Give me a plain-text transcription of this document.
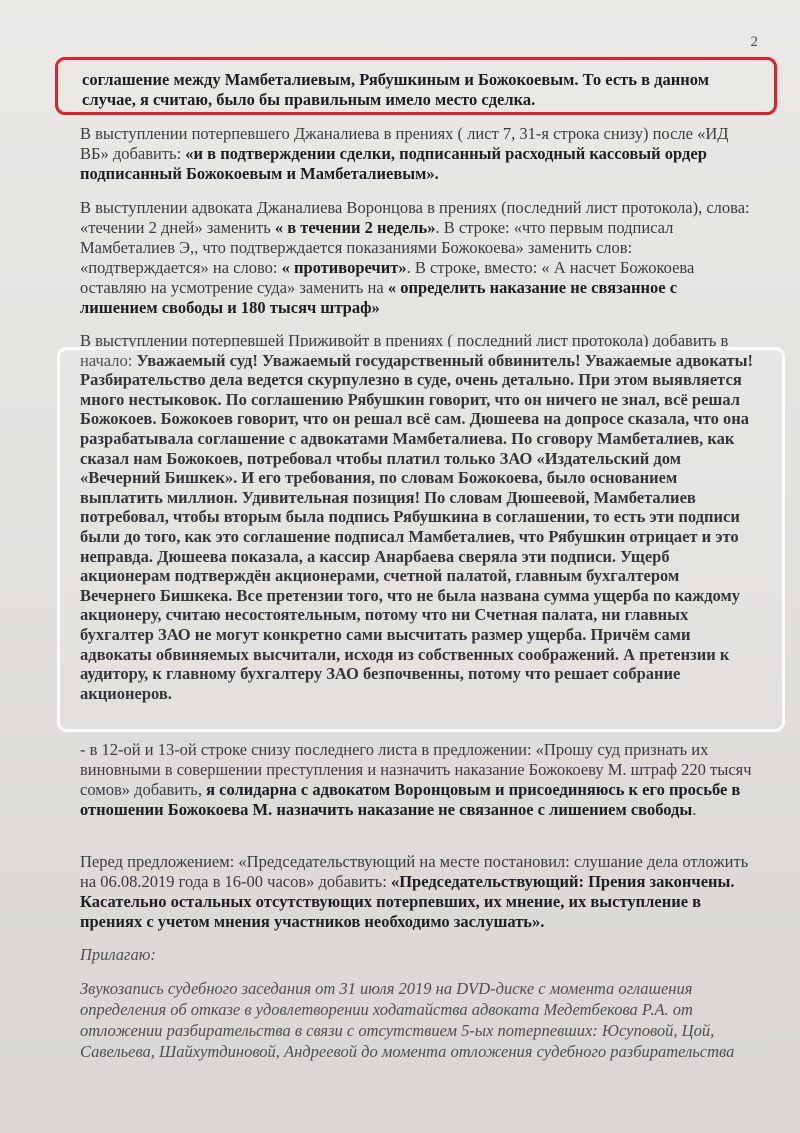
2
соглашение между Мамбеталиевым, Рябушкиным и Божокоевым. То есть в данном случае, я считаю, было бы правильным имело место сделка.
В выступлении потерпевшего Джаналиева в прениях ( лист 7, 31-я строка снизу) после «ИД ВБ» добавить: «и в подтверждении сделки, подписанный расходный кассовый ордер подписанный Божокоевым и Мамбеталиевым».
В выступлении адвоката Джаналиева Воронцова в прениях (последний лист протокола), слова: «течении 2 дней» заменить « в течении 2 недель». В строке: «что первым подписал Мамбеталиев Э,, что подтверждается показаниями Божокоева» заменить слов: «подтверждается» на слово: « противоречит». В строке, вместо: « А насчет Божокоева оставляю на усмотрение суда» заменить на « определить наказание не связанное с лишением свободы и 180 тысяч штраф»
В выступлении потерпевшей Приживойт в прениях ( последний лист протокола) добавить в начало: Уважаемый суд! Уважаемый государственный обвинитель! Уважаемые адвокаты! Разбирательство дела ведется скурпулезно в суде, очень детально. При этом выявляется много нестыковок. По соглашению Рябушкин говорит, что он ничего не знал, всё решал Божокоев. Божокоев говорит, что он решал всё сам. Дюшеева на допросе сказала, что она разрабатывала соглашение с адвокатами Мамбеталиева. По сговору Мамбеталиев, как сказал нам Божокоев, потребовал чтобы платил только ЗАО «Издательский дом «Вечерний Бишкек». И его требования, по словам Божокоева, было основанием выплатить миллион. Удивительная позиция! По словам Дюшеевой, Мамбеталиев потребовал, чтобы вторым была подпись Рябушкина в соглашении, то есть эти подписи были до того, как это соглашение подписал Мамбеталиев, что Рябушкин отрицает и это неправда. Дюшеева показала, а кассир Анарбаева сверяла эти подписи. Ущерб акционерам подтверждён акционерами, счетной палатой, главным бухгалтером Вечернего Бишкека. Все претензии того, что не была названа сумма ущерба по каждому акционеру, считаю несостоятельным, потому что ни Счетная палата, ни главных бухгалтер ЗАО не могут конкретно сами высчитать размер ущерба. Причём сами адвокаты обвиняемых высчитали, исходя из собственных соображений. А претензии к аудитору, к главному бухгалтеру ЗАО безпочвенны, потому что решает собрание акционеров.
- в 12-ой и 13-ой строке снизу последнего листа в предложении: «Прошу суд признать их виновными в совершении преступления и назначить наказание Божокоеву М. штраф 220 тысяч сомов» добавить, я солидарна с адвокатом Воронцовым и присоединяюсь к его просьбе в отношении Божокоева М. назначить наказание не связанное с лишением свободы.
Перед предложением: «Председательствующий на месте постановил: слушание дела отложить на 06.08.2019 года в 16-00 часов» добавить: «Председательствующий: Прения закончены. Касательно остальных отсутствующих потерпевших, их мнение, их выступление в прениях с учетом мнения участников необходимо заслушать».
Прилагаю:
Звукозапись судебного заседания от 31 июля 2019 на DVD-диске с момента оглашения определения об отказе в удовлетворении ходатайства адвоката Медетбекова Р.А. от отложении разбирательства в связи с отсутствием 5-ых потерпевших: Юсуповой, Цой, Савельева, Шайхутдиновой, Андреевой до момента отложения судебного разбирательства
